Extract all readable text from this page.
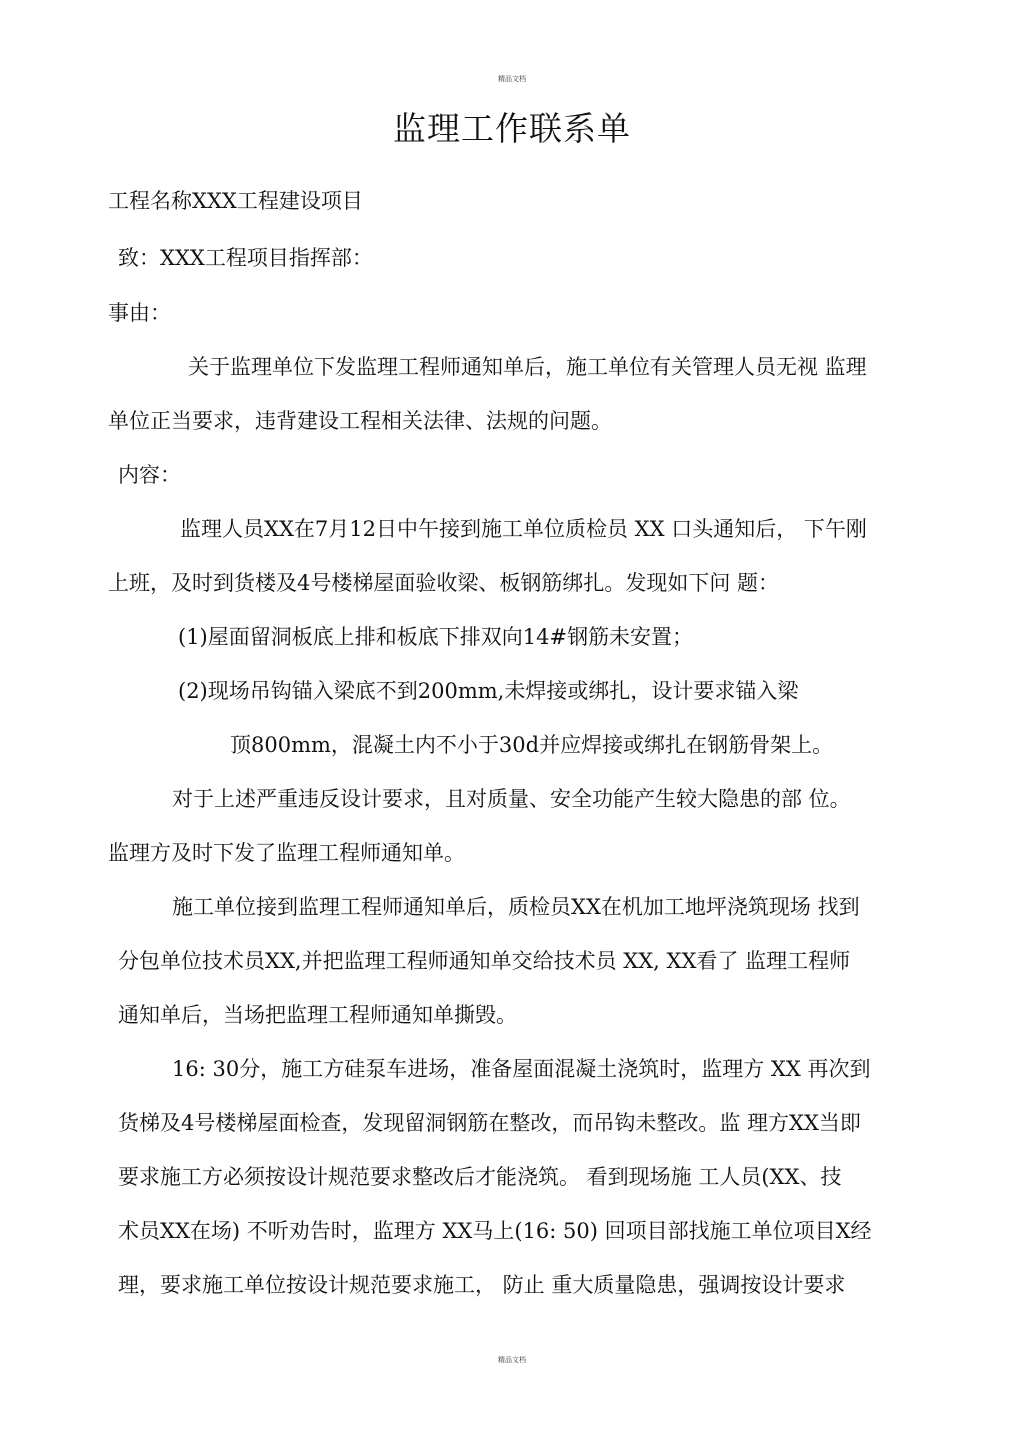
精品文档
监理工作联系单
工程名称XXX工程建设项目
致：XXX工程项目指挥部：
事由：
关于监理单位下发监理工程师通知单后，施工单位有关管理人员无视 监理
单位正当要求，违背建设工程相关法律、法规的问题。
内容：
监理人员XX在7月12日中午接到施工单位质检员 XX 口头通知后， 下午刚
上班，及时到货楼及4号楼梯屋面验收梁、板钢筋绑扎。发现如下问 题：
(1)屋面留洞板底上排和板底下排双向14#钢筋未安置；
(2)现场吊钩锚入梁底不到200mm,未焊接或绑扎，设计要求锚入梁
顶800mm，混凝土内不小于30d并应焊接或绑扎在钢筋骨架上。
对于上述严重违反设计要求，且对质量、安全功能产生较大隐患的部 位。
监理方及时下发了监理工程师通知单。
施工单位接到监理工程师通知单后，质检员XX在机加工地坪浇筑现场 找到
分包单位技术员XX,并把监理工程师通知单交给技术员 XX, XX看了 监理工程师
通知单后，当场把监理工程师通知单撕毁。
16: 30分，施工方硅泵车进场，准备屋面混凝土浇筑时，监理方 XX 再次到
货梯及4号楼梯屋面检查，发现留洞钢筋在整改，而吊钩未整改。监 理方XX当即
要求施工方必须按设计规范要求整改后才能浇筑。 看到现场施 工人员(XX、技
术员XX在场) 不听劝告时，监理方 XX马上(16: 50) 回项目部找施工单位项目X经
理，要求施工单位按设计规范要求施工， 防止 重大质量隐患，强调按设计要求
精品文档
